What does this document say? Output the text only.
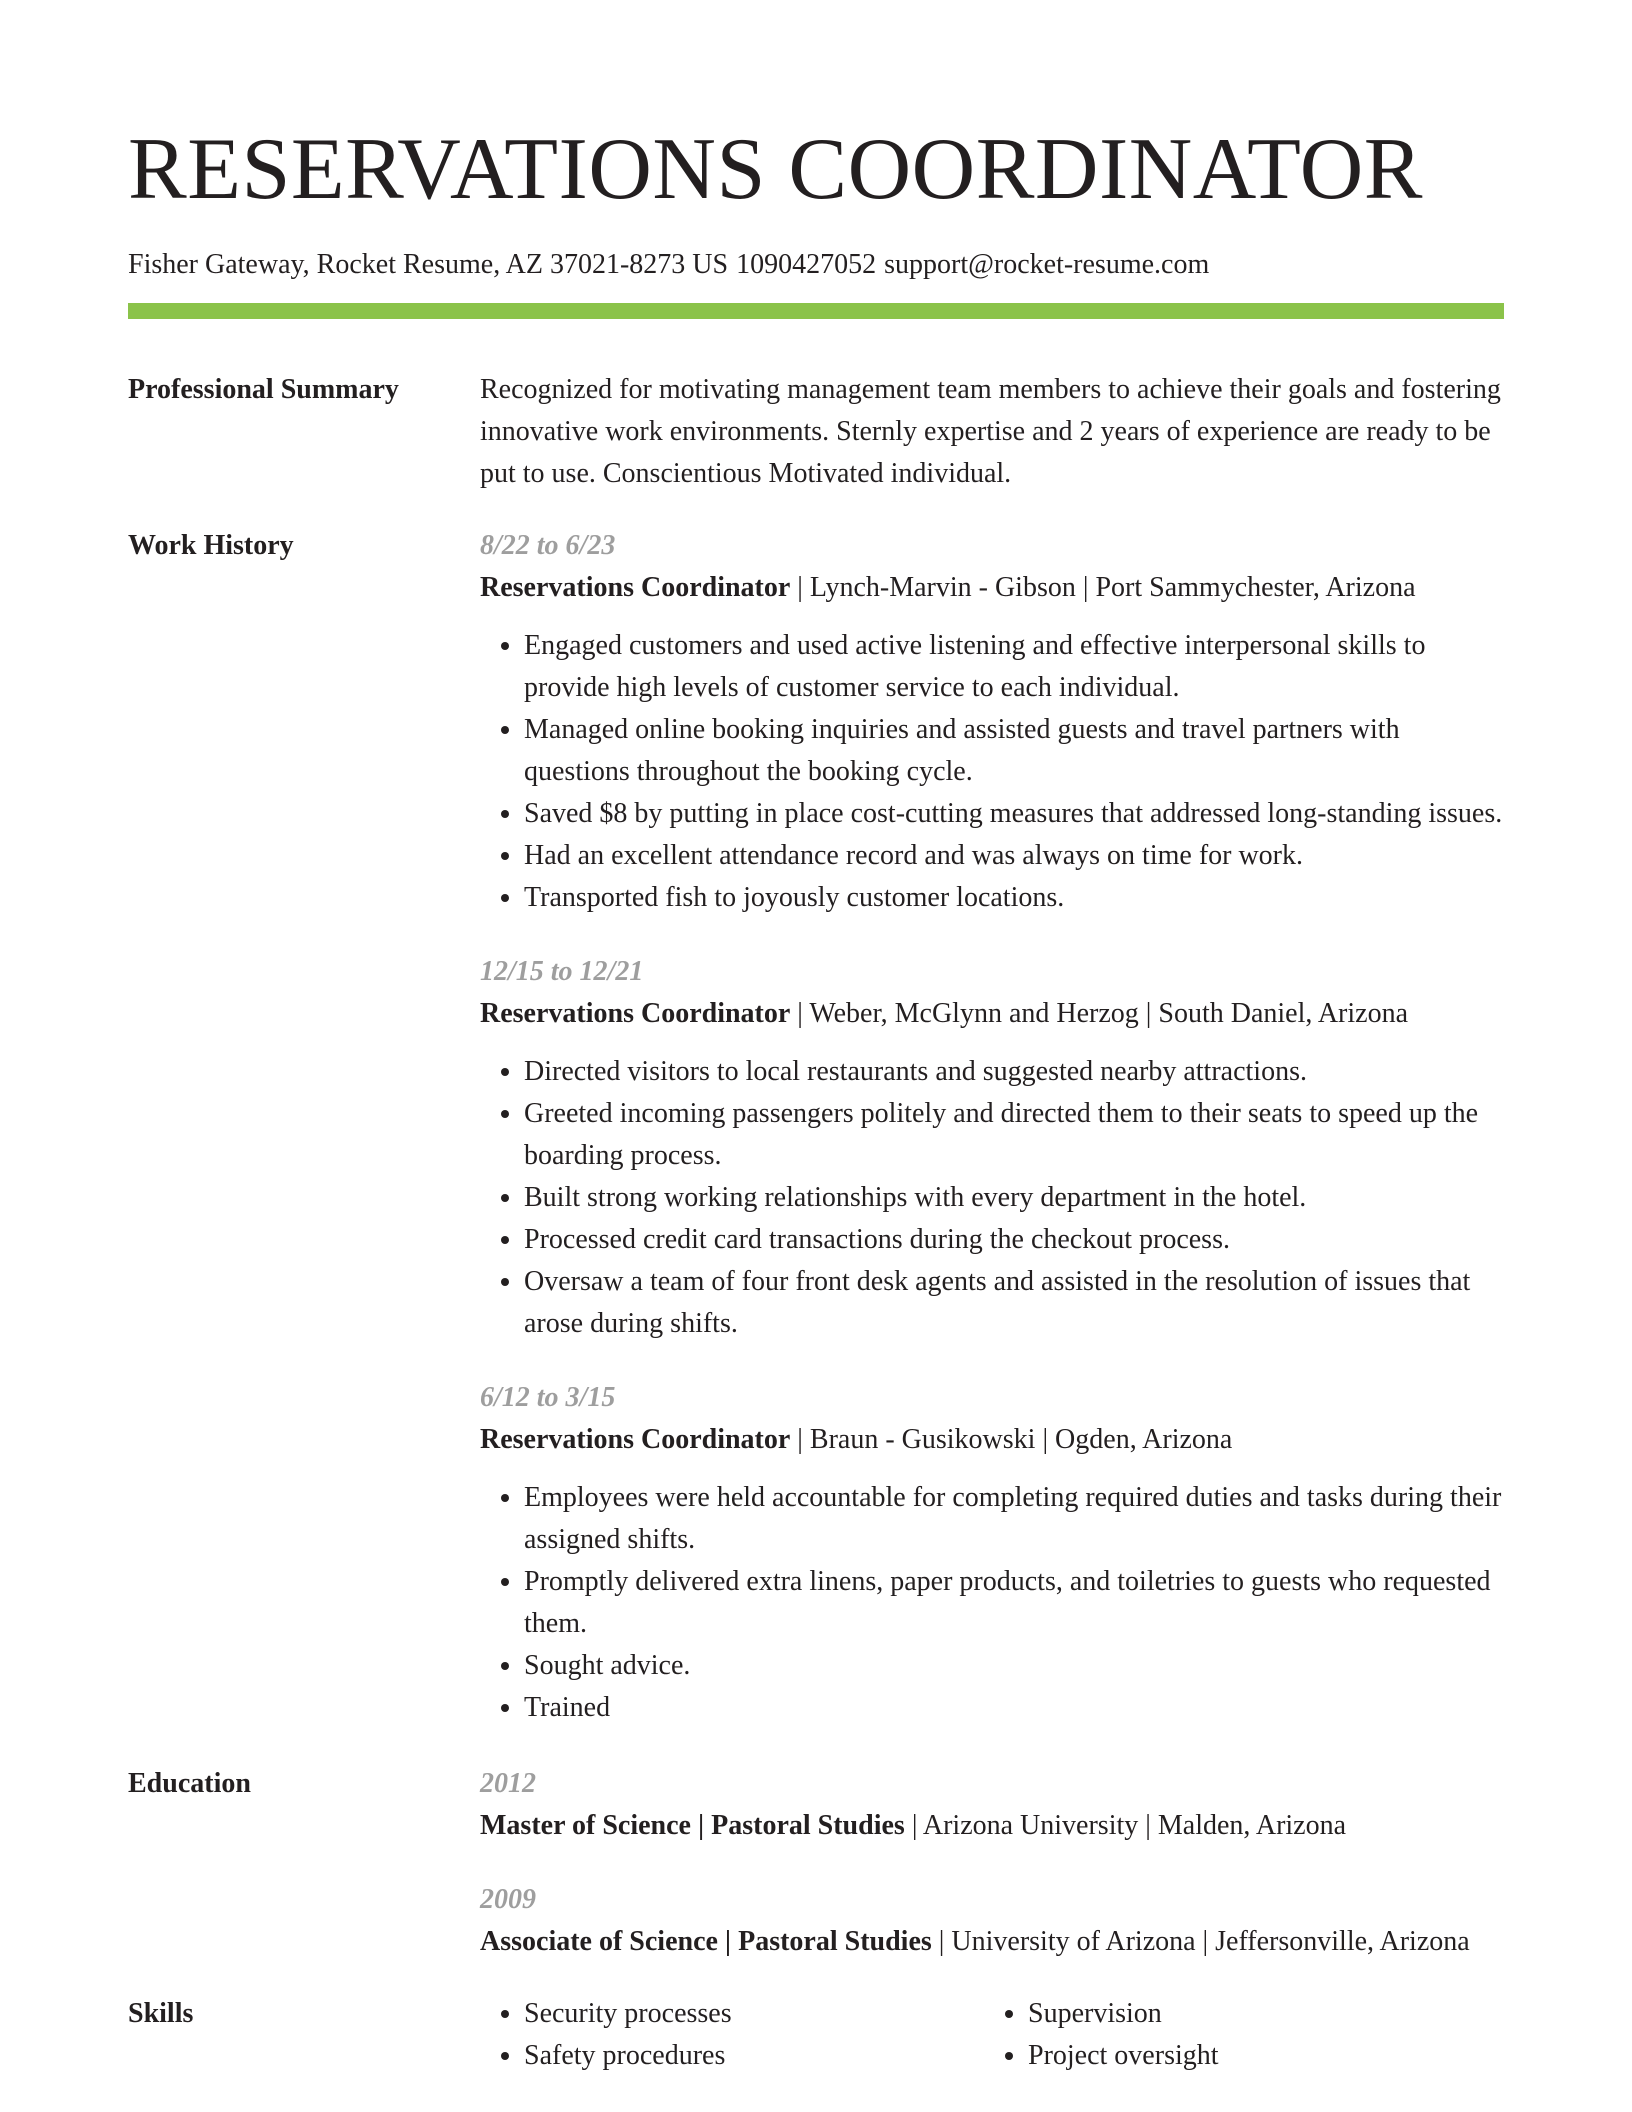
RESERVATIONS COORDINATOR
Fisher Gateway, Rocket Resume, AZ 37021-8273 US 1090427052 support@rocket-resume.com
Professional Summary	Recognized for motivating management team members to achieve their goals and fostering innovative work environments. Sternly expertise and 2 years of experience are ready to be put to use. Conscientious Motivated individual.
Work History	8/22 to 6/23
Reservations Coordinator | Lynch-Marvin - Gibson | Port Sammychester, Arizona
• Engaged customers and used active listening and effective interpersonal skills to provide high levels of customer service to each individual.
• Managed online booking inquiries and assisted guests and travel partners with questions throughout the booking cycle.
• Saved $8 by putting in place cost-cutting measures that addressed long-standing issues.
• Had an excellent attendance record and was always on time for work.
• Transported fish to joyously customer locations.
12/15 to 12/21
Reservations Coordinator | Weber, McGlynn and Herzog | South Daniel, Arizona
• Directed visitors to local restaurants and suggested nearby attractions.
• Greeted incoming passengers politely and directed them to their seats to speed up the boarding process.
• Built strong working relationships with every department in the hotel.
• Processed credit card transactions during the checkout process.
• Oversaw a team of four front desk agents and assisted in the resolution of issues that arose during shifts.
6/12 to 3/15
Reservations Coordinator | Braun - Gusikowski | Ogden, Arizona
• Employees were held accountable for completing required duties and tasks during their assigned shifts.
• Promptly delivered extra linens, paper products, and toiletries to guests who requested them.
• Sought advice.
• Trained
Education	2012
Master of Science | Pastoral Studies | Arizona University | Malden, Arizona
2009
Associate of Science | Pastoral Studies | University of Arizona | Jeffersonville, Arizona
Skills
•	Security processes
• Safety procedures
• Supervision
• Project oversight
